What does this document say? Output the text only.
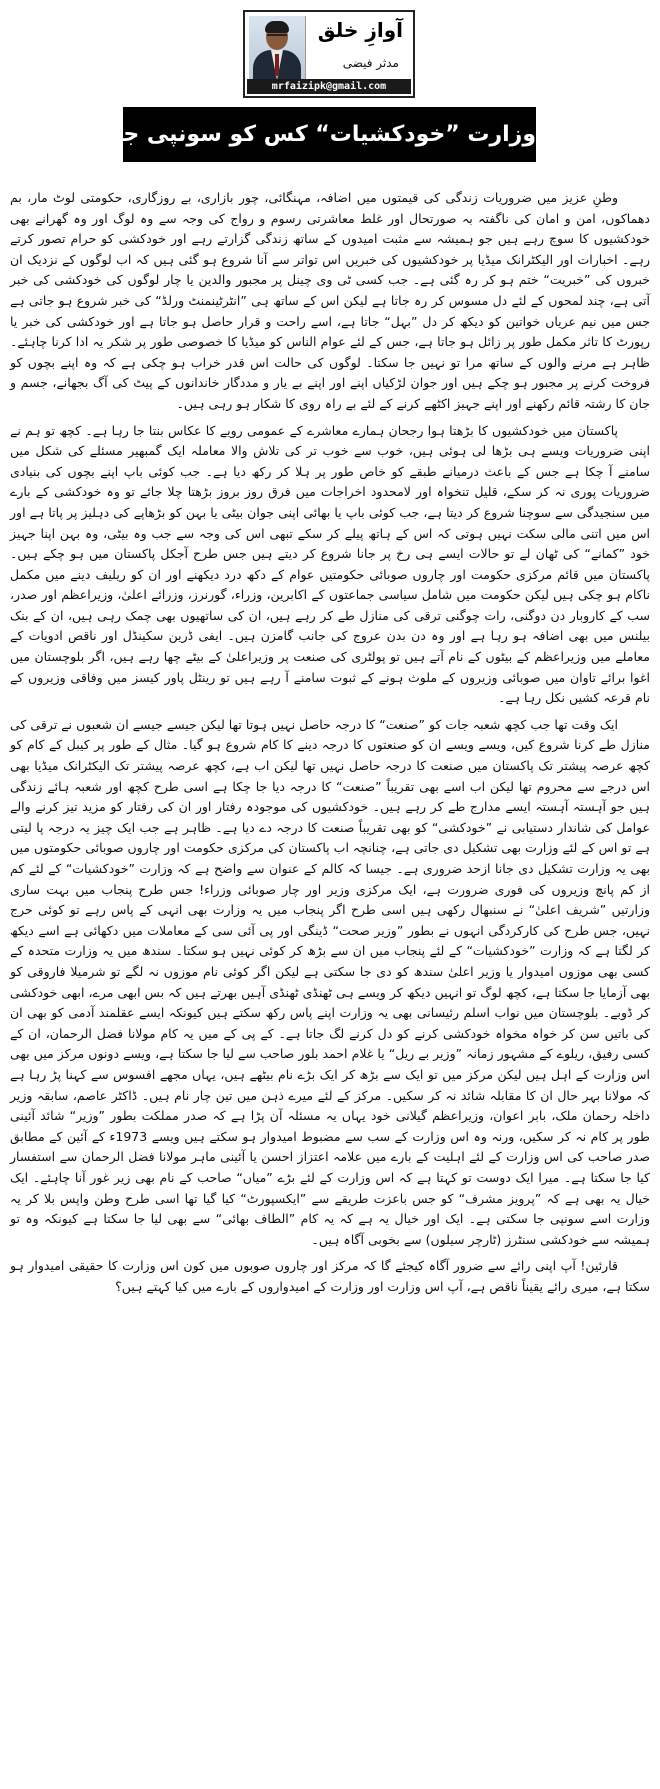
آوازِ خلق
مدثر فیضی
mrfaizipk@gmail.com
وزارت ”خودکشیات“ کس کو سونپی جائے......؟

وطنِ عزیز میں ضروریات زندگی کی قیمتوں میں اضافہ، مہنگائی، چور بازاری، بے روزگاری، حکومتی لوٹ مار، بم دھماکوں، امن و امان کی ناگفتہ بہ صورتحال اور غلط معاشرتی رسوم و رواج کی وجہ سے وہ لوگ اور وہ گھرانے بھی خودکشیوں کا سوچ رہے ہیں جو ہمیشہ سے مثبت امیدوں کے ساتھ زندگی گزارتے رہے اور خودکشی کو حرام تصور کرتے رہے۔ اخبارات اور الیکٹرانک میڈیا پر خودکشیوں کی خبریں اس تواتر سے آنا شروع ہو گئی ہیں کہ اب لوگوں کے نزدیک ان خبروں کی ”خبریت“ ختم ہو کر رہ گئی ہے۔ جب کسی ٹی وی چینل پر مجبور والدین یا چار لوگوں کی خودکشی کی خبر آتی ہے، چند لمحوں کے لئے دل مسوس کر رہ جاتا ہے لیکن اس کے ساتھ ہی ”انٹرٹینمنٹ ورلڈ“ کی خبر شروع ہو جاتی ہے جس میں نیم عریاں خواتین کو دیکھ کر دل ”بہل“ جاتا ہے، اسے راحت و قرار حاصل ہو جاتا ہے اور خودکشی کی خبر یا رپورٹ کا تاثر مکمل طور پر زائل ہو جاتا ہے، جس کے لئے عوام الناس کو میڈیا کا خصوصی طور پر شکر یہ ادا کرنا چاہئے۔ ظاہر ہے مرنے والوں کے ساتھ مرا تو نہیں جا سکتا۔ لوگوں کی حالت اس قدر خراب ہو چکی ہے کہ وہ اپنے بچوں کو فروخت کرنے پر مجبور ہو چکے ہیں اور جوان لڑکیاں اپنے اور اپنے بے یار و مددگار خاندانوں کے پیٹ کی آگ بجھانے، جسم و جان کا رشتہ قائم رکھنے اور اپنے جہیز اکٹھے کرنے کے لئے بے راہ روی کا شکار ہو رہی ہیں۔

پاکستان میں خودکشیوں کا بڑھتا ہوا رجحان ہمارے معاشرے کے عمومی رویے کا عکاس بنتا جا رہا ہے۔ کچھ تو ہم نے اپنی ضروریات ویسے ہی بڑھا لی ہوئی ہیں، خوب سے خوب تر کی تلاش والا معاملہ ایک گمبھیر مسئلے کی شکل میں سامنے آ چکا ہے جس کے باعث درمیانے طبقے کو خاص طور پر ہلا کر رکھ دیا ہے۔ جب کوئی باپ اپنے بچوں کی بنیادی ضروریات پوری نہ کر سکے، قلیل تنخواہ اور لامحدود اخراجات میں فرق روز بروز بڑھتا چلا جائے تو وہ خودکشی کے بارے میں سنجیدگی سے سوچنا شروع کر دیتا ہے، جب کوئی باپ یا بھائی اپنی جوان بیٹی یا بہن کو بڑھاپے کی دہلیز پر پاتا ہے اور اس میں اتنی مالی سکت نہیں ہوتی کہ اس کے ہاتھ پیلے کر سکے تبھی اس کی وجہ سے جب وہ بیٹی، وہ بہن اپنا جہیز خود ”کمانے“ کی ٹھان لے تو حالات ایسے ہی رخ پر جانا شروع کر دیتے ہیں جس طرح آجکل پاکستان میں ہو چکے ہیں۔ پاکستان میں قائم مرکزی حکومت اور چاروں صوبائی حکومتیں عوام کے دکھ درد دیکھنے اور ان کو ریلیف دینے میں مکمل ناکام ہو چکی ہیں لیکن حکومت میں شامل سیاسی جماعتوں کے اکابرین، وزراء، گورنرز، وزرائے اعلیٰ، وزیراعظم اور صدر، سب کے کاروبار دن دوگنی، رات چوگنی ترقی کی منازل طے کر رہے ہیں، ان کی ساتھیوں بھی چمک رہی ہیں، ان کے بنک بیلنس میں بھی اضافہ ہو رہا ہے اور وہ دن بدن عروج کی جانب گامزن ہیں۔ ایفی ڈرین سکینڈل اور ناقص ادویات کے معاملے میں وزیراعظم کے بیٹوں کے نام آتے ہیں تو پولٹری کی صنعت پر وزیراعلیٰ کے بیٹے چھا رہے ہیں، اگر بلوچستان میں اغوا برائے تاوان میں صوبائی وزیروں کے ملوث ہونے کے ثبوت سامنے آ رہے ہیں تو رینٹل پاور کیسز میں وفاقی وزیروں کے نام قرعہ کشیں نکل رہا ہے۔

ایک وقت تھا جب کچھ شعبہ جات کو ”صنعت“ کا درجہ حاصل نہیں ہوتا تھا لیکن جیسے جیسے ان شعبوں نے ترقی کی منازل طے کرنا شروع کیں، ویسے ویسے ان کو صنعتوں کا درجہ دینے کا کام شروع ہو گیا۔ مثال کے طور پر کیبل کے کام کو کچھ عرصہ پیشتر تک پاکستان میں صنعت کا درجہ حاصل نہیں تھا لیکن اب ہے، کچھ عرصہ پیشتر تک الیکٹرانک میڈیا بھی اس درجے سے محروم تھا لیکن اب اسے بھی تقریباً ”صنعت“ کا درجہ دیا جا چکا ہے اسی طرح کچھ اور شعبہ ہائے زندگی ہیں جو آہستہ آہستہ ایسے مدارج طے کر رہے ہیں۔ خودکشیوں کی موجودہ رفتار اور ان کی رفتار کو مزید تیز کرنے والے عوامل کی شاندار دستیابی نے ”خودکشی“ کو بھی تقریباً صنعت کا درجہ دے دیا ہے۔ ظاہر ہے جب ایک چیز یہ درجہ پا لیتی ہے تو اس کے لئے وزارت بھی تشکیل دی جاتی ہے، چنانچہ اب پاکستان کی مرکزی حکومت اور چاروں صوبائی حکومتوں میں بھی یہ وزارت تشکیل دی جانا ازحد ضروری ہے۔ جیسا کہ کالم کے عنوان سے واضح ہے کہ وزارت ”خودکشیات“ کے لئے کم از کم پانچ وزیروں کی فوری ضرورت ہے، ایک مرکزی وزیر اور چار صوبائی وزراء! جس طرح پنجاب میں بہت ساری وزارتیں ”شریف اعلیٰ“ نے سنبھال رکھی ہیں اسی طرح اگر پنجاب میں یہ وزارت بھی انہی کے پاس رہے تو کوئی حرج نہیں، جس طرح کی کارکردگی انہوں نے بطور ”وزیر صحت“ ڈینگی اور پی آئی سی کے معاملات میں دکھائی ہے اسے دیکھ کر لگتا ہے کہ وزارت ”خودکشیات“ کے لئے پنجاب میں ان سے بڑھ کر کوئی نہیں ہو سکتا۔ سندھ میں یہ وزارت متحدہ کے کسی بھی موزوں امیدوار یا وزیر اعلیٰ سندھ کو دی جا سکتی ہے لیکن اگر کوئی نام موزوں نہ لگے تو شرمیلا فاروقی کو بھی آزمایا جا سکتا ہے، کچھ لوگ تو انہیں دیکھ کر ویسے ہی ٹھنڈی ٹھنڈی آہیں بھرتے ہیں کہ بس ابھی مرے، ابھی خودکشی کر ڈوبے۔ بلوچستان میں نواب اسلم رئیسانی بھی یہ وزارت اپنے پاس رکھ سکتے ہیں کیونکہ ایسے عقلمند آدمی کو بھی ان کی باتیں سن کر خواہ مخواہ خودکشی کرنے کو دل کرنے لگ جاتا ہے۔ کے پی کے میں یہ کام مولانا فضل الرحمان، ان کے کسی رفیق، ریلوے کے مشہور زمانہ ”وزیر بے ریل“ یا غلام احمد بلور صاحب سے لیا جا سکتا ہے، ویسے دونوں مرکز میں بھی اس وزارت کے اہل ہیں لیکن مرکز میں تو ایک سے بڑھ کر ایک بڑے نام بیٹھے ہیں، یہاں مجھے افسوس سے کہنا پڑ رہا ہے کہ مولانا بہر حال ان کا مقابلہ شائد نہ کر سکیں۔ مرکز کے لئے میرے ذہن میں تین چار نام ہیں۔ ڈاکٹر عاصم، سابقہ وزیر داخلہ رحمان ملک، بابر اعوان، وزیراعظم گیلانی خود یہاں یہ مسئلہ آن پڑا ہے کہ صدر مملکت بطور ”وزیر“ شائد آئینی طور پر کام نہ کر سکیں، ورنہ وہ اس وزارت کے سب سے مضبوط امیدوار ہو سکتے ہیں ویسے 1973ء کے آئین کے مطابق صدر صاحب کی اس وزارت کے لئے اہلیت کے بارے میں علامہ اعتزاز احسن یا آئینی ماہر مولانا فضل الرحمان سے استفسار کیا جا سکتا ہے۔ میرا ایک دوست تو کہتا ہے کہ اس وزارت کے لئے بڑے ”میاں“ صاحب کے نام بھی زیر غور آنا چاہئے۔ ایک خیال یہ بھی ہے کہ ”پرویز مشرف“ کو جس باعزت طریقے سے ”ایکسپورٹ“ کیا گیا تھا اسی طرح وطن واپس بلا کر یہ وزارت اسے سونپی جا سکتی ہے۔ ایک اور خیال یہ ہے کہ یہ کام ”الطاف بھائی“ سے بھی لیا جا سکتا ہے کیونکہ وہ تو ہمیشہ سے خودکشی سنٹرز (ٹارچر سیلوں) سے بخوبی آگاہ ہیں۔

قارئین! آپ اپنی رائے سے ضرور آگاہ کیجئے گا کہ مرکز اور چاروں صوبوں میں کون اس وزارت کا حقیقی امیدوار ہو سکتا ہے، میری رائے یقیناً ناقص ہے، آپ اس وزارت اور وزارت کے امیدواروں کے بارے میں کیا کہتے ہیں؟
